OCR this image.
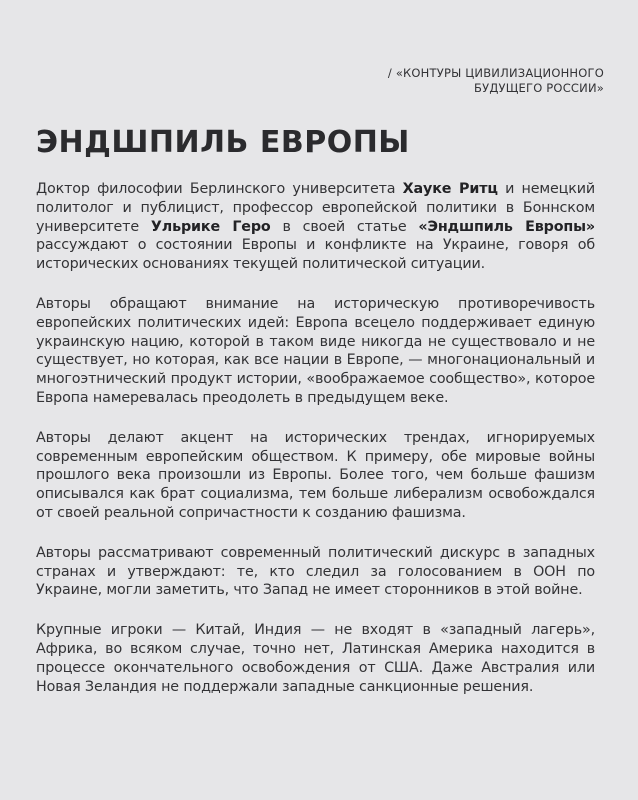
/ «КОНТУРЫ ЦИВИЛИЗАЦИОННОГО
БУДУЩЕГО РОССИИ»
ЭНДШПИЛЬ ЕВРОПЫ

Доктор философии Берлинского университета Хауке Ритц и немецкий политолог и публицист, профессор европейской политики в Боннском университете Ульрике Геро в своей статье «Эндшпиль Европы» рассуждают о состоянии Европы и конфликте на Украине, говоря об исторических основаниях текущей политической ситуации.

Авторы обращают внимание на историческую противоречивость европейских политических идей: Европа всецело поддерживает единую украинскую нацию, которой в таком виде никогда не существовало и не существует, но которая, как все нации в Европе, — многонациональный и многоэтнический продукт истории, «воображаемое сообщество», которое Европа намеревалась преодолеть в предыдущем веке.

Авторы делают акцент на исторических трендах, игнорируемых современным европейским обществом. К примеру, обе мировые войны прошлого века произошли из Европы. Более того, чем больше фашизм описывался как брат социализма, тем больше либерализм освобождался от своей реальной сопричастности к созданию фашизма.

Авторы рассматривают современный политический дискурс в западных странах и утверждают: те, кто следил за голосованием в ООН по Украине, могли заметить, что Запад не имеет сторонников в этой войне.

Крупные игроки — Китай, Индия — не входят в «западный лагерь», Африка, во всяком случае, точно нет, Латинская Америка находится в процессе окончательного освобождения от США. Даже Австралия или Новая Зеландия не поддержали западные санкционные решения.
